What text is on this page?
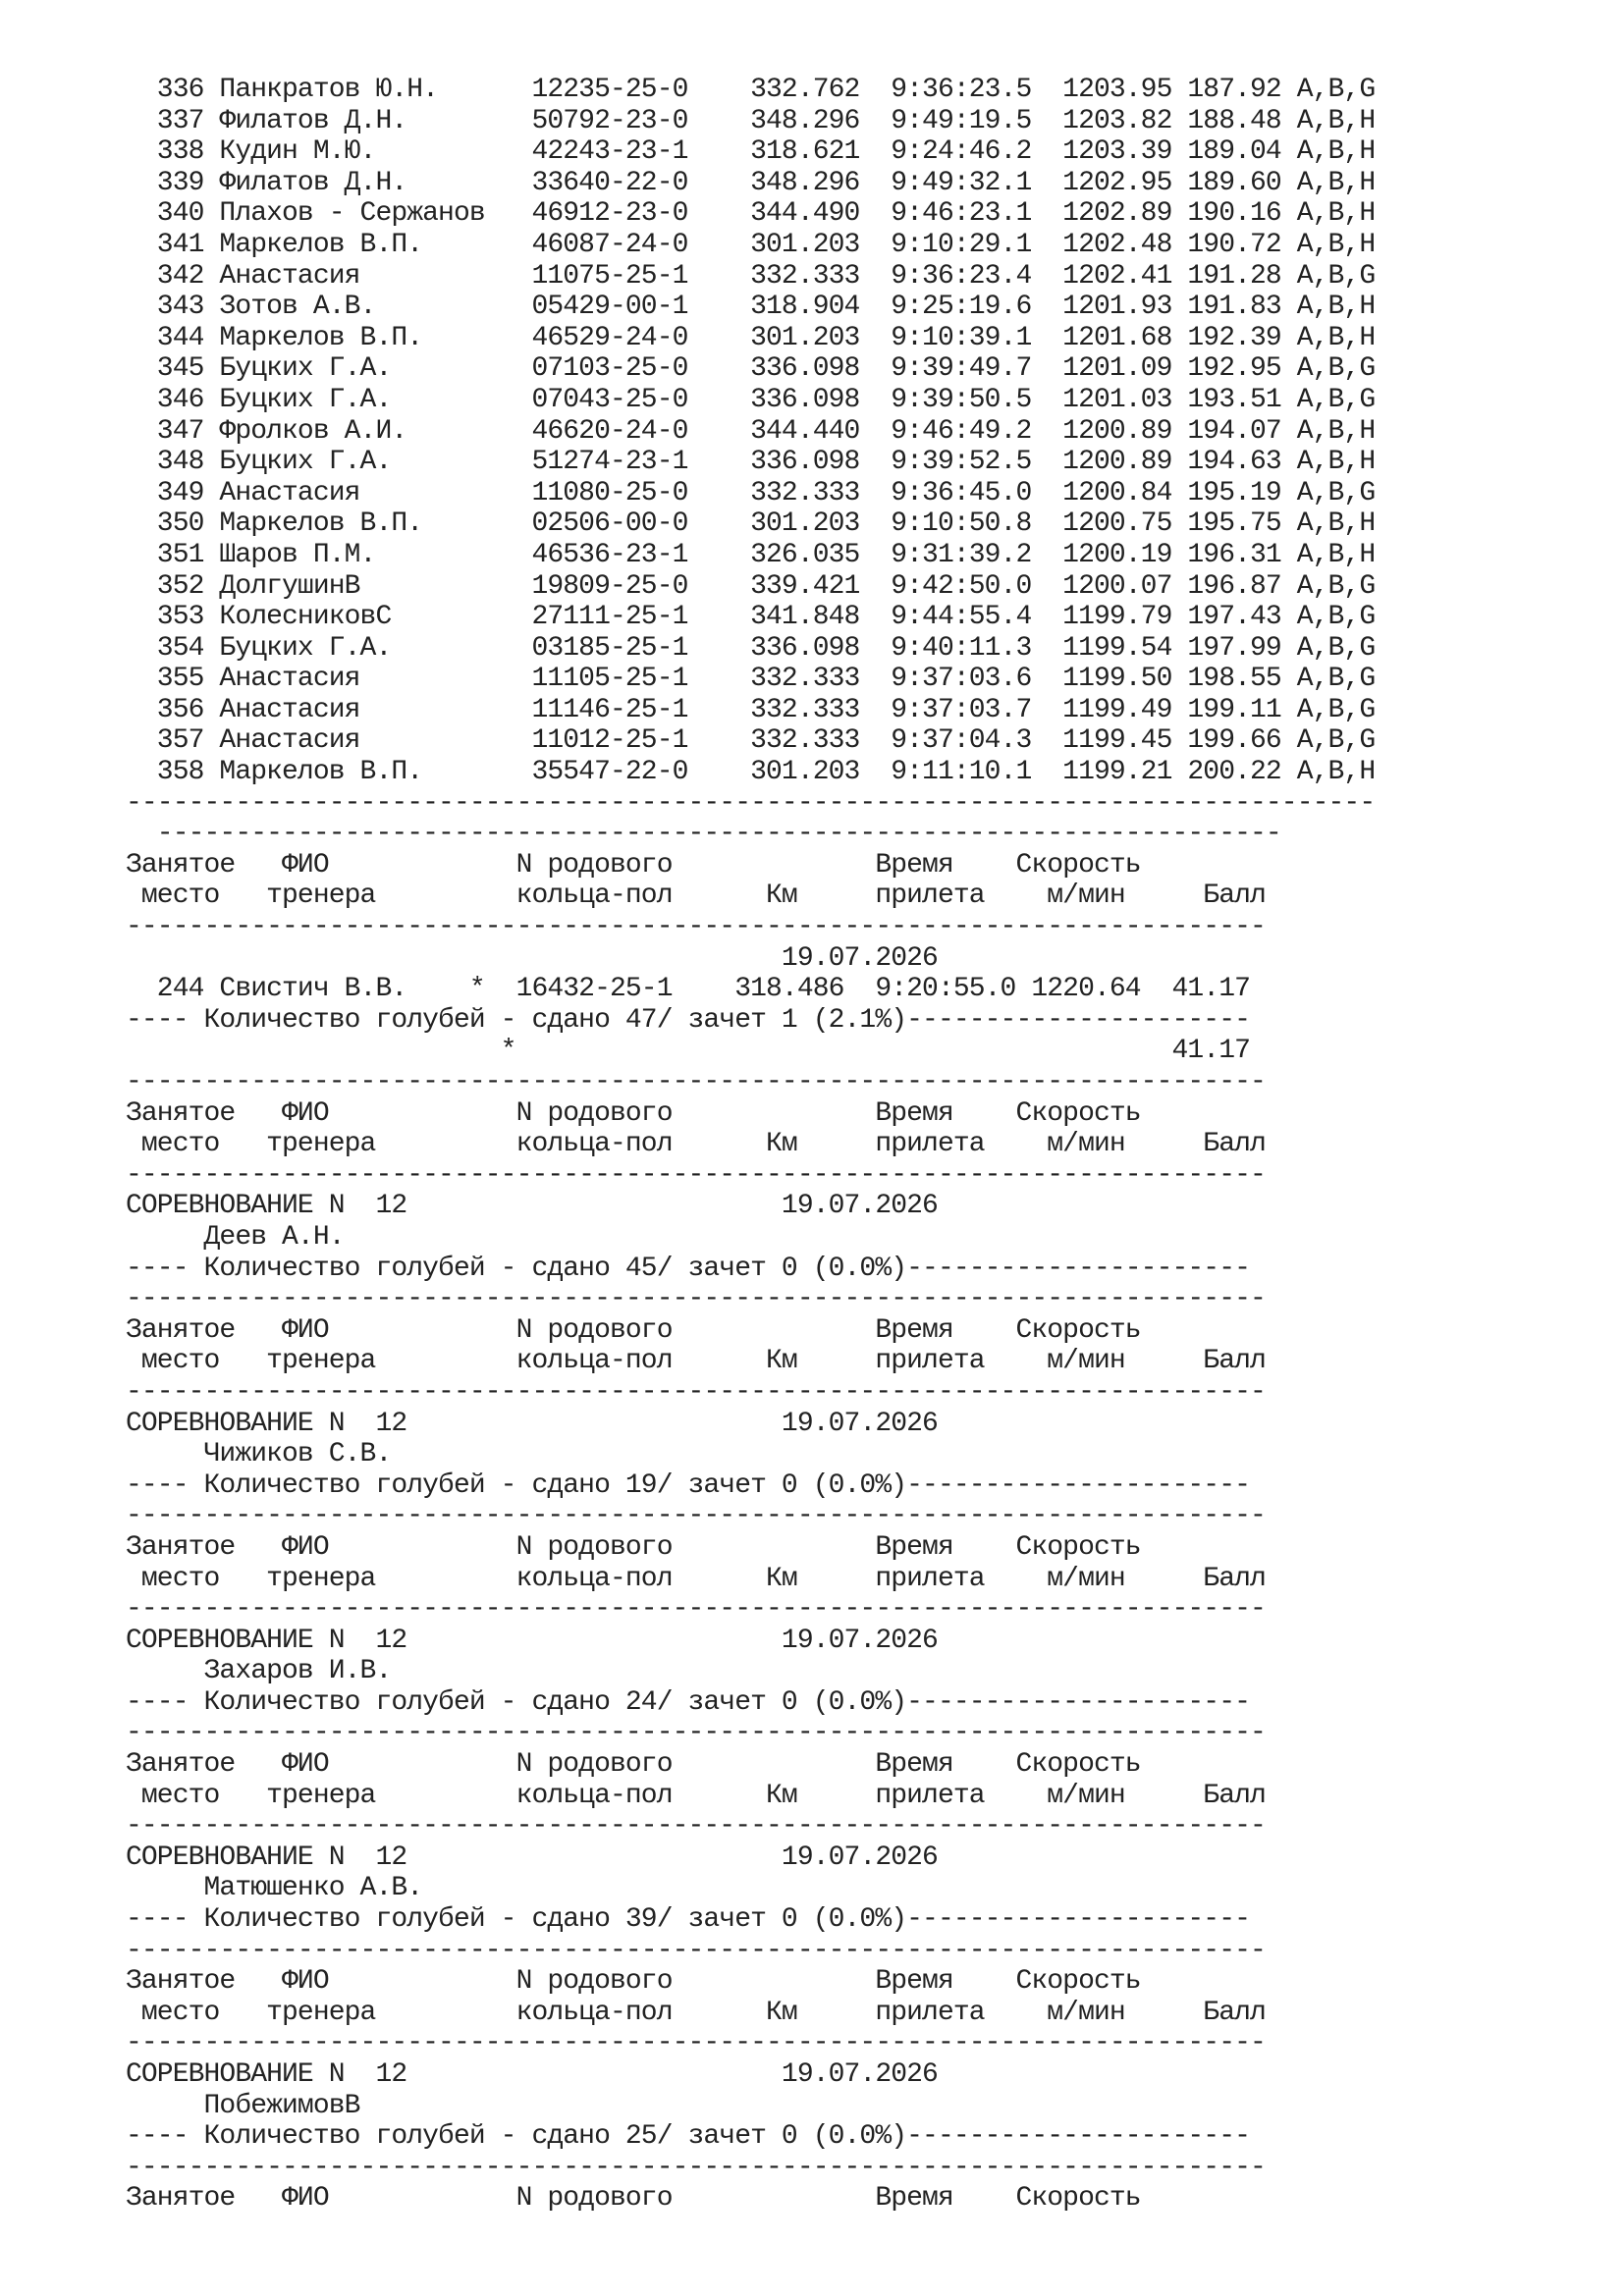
336 Панкратов Ю.Н.      12235-25-0    332.762  9:36:23.5  1203.95 187.92 A,B,G
337 Филатов Д.Н.        50792-23-0    348.296  9:49:19.5  1203.82 188.48 A,B,H
338 Кудин М.Ю.          42243-23-1    318.621  9:24:46.2  1203.39 189.04 A,B,H
339 Филатов Д.Н.        33640-22-0    348.296  9:49:32.1  1202.95 189.60 A,B,H
340 Плахов - Сержанов   46912-23-0    344.490  9:46:23.1  1202.89 190.16 A,B,H
341 Маркелов В.П.       46087-24-0    301.203  9:10:29.1  1202.48 190.72 A,B,H
342 Анастасия           11075-25-1    332.333  9:36:23.4  1202.41 191.28 A,B,G
343 Зотов А.В.          05429-00-1    318.904  9:25:19.6  1201.93 191.83 A,B,H
344 Маркелов В.П.       46529-24-0    301.203  9:10:39.1  1201.68 192.39 A,B,H
345 Буцких Г.А.         07103-25-0    336.098  9:39:49.7  1201.09 192.95 A,B,G
346 Буцких Г.А.         07043-25-0    336.098  9:39:50.5  1201.03 193.51 A,B,G
347 Фролков А.И.        46620-24-0    344.440  9:46:49.2  1200.89 194.07 A,B,H
348 Буцких Г.А.         51274-23-1    336.098  9:39:52.5  1200.89 194.63 A,B,H
349 Анастасия           11080-25-0    332.333  9:36:45.0  1200.84 195.19 A,B,G
350 Маркелов В.П.       02506-00-0    301.203  9:10:50.8  1200.75 195.75 A,B,H
351 Шаров П.М.          46536-23-1    326.035  9:31:39.2  1200.19 196.31 A,B,H
352 ДолгушинВ           19809-25-0    339.421  9:42:50.0  1200.07 196.87 A,B,G
353 КолесниковС         27111-25-1    341.848  9:44:55.4  1199.79 197.43 A,B,G
354 Буцких Г.А.         03185-25-1    336.098  9:40:11.3  1199.54 197.99 A,B,G
355 Анастасия           11105-25-1    332.333  9:37:03.6  1199.50 198.55 A,B,G
356 Анастасия           11146-25-1    332.333  9:37:03.7  1199.49 199.11 A,B,G
357 Анастасия           11012-25-1    332.333  9:37:04.3  1199.45 199.66 A,B,G
358 Маркелов В.П.       35547-22-0    301.203  9:11:10.1  1199.21 200.22 A,B,H
--------------------------------------------------------------------------------
------------------------------------------------------------------------
Занятое   ФИО            N родового             Время    Скорость
место   тренера         кольца-пол      Км     прилета    м/мин     Балл
-------------------------------------------------------------------------
19.07.2026
244 Свистич В.В.    *  16432-25-1    318.486  9:20:55.0 1220.64  41.17
---- Количество голубей - сдано 47/ зачет 1 (2.1%)----------------------
*                                          41.17
-------------------------------------------------------------------------
Занятое   ФИО            N родового             Время    Скорость
место   тренера         кольца-пол      Км     прилета    м/мин     Балл
-------------------------------------------------------------------------
СОРЕВНОВАНИЕ N  12                        19.07.2026
Деев А.Н.
---- Количество голубей - сдано 45/ зачет 0 (0.0%)----------------------
-------------------------------------------------------------------------
Занятое   ФИО            N родового             Время    Скорость
место   тренера         кольца-пол      Км     прилета    м/мин     Балл
-------------------------------------------------------------------------
СОРЕВНОВАНИЕ N  12                        19.07.2026
Чижиков С.В.
---- Количество голубей - сдано 19/ зачет 0 (0.0%)----------------------
-------------------------------------------------------------------------
Занятое   ФИО            N родового             Время    Скорость
место   тренера         кольца-пол      Км     прилета    м/мин     Балл
-------------------------------------------------------------------------
СОРЕВНОВАНИЕ N  12                        19.07.2026
Захаров И.В.
---- Количество голубей - сдано 24/ зачет 0 (0.0%)----------------------
-------------------------------------------------------------------------
Занятое   ФИО            N родового             Время    Скорость
место   тренера         кольца-пол      Км     прилета    м/мин     Балл
-------------------------------------------------------------------------
СОРЕВНОВАНИЕ N  12                        19.07.2026
Матюшенко А.В.
---- Количество голубей - сдано 39/ зачет 0 (0.0%)----------------------
-------------------------------------------------------------------------
Занятое   ФИО            N родового             Время    Скорость
место   тренера         кольца-пол      Км     прилета    м/мин     Балл
-------------------------------------------------------------------------
СОРЕВНОВАНИЕ N  12                        19.07.2026
ПобежимовВ
---- Количество голубей - сдано 25/ зачет 0 (0.0%)----------------------
-------------------------------------------------------------------------
Занятое   ФИО            N родового             Время    Скорость
